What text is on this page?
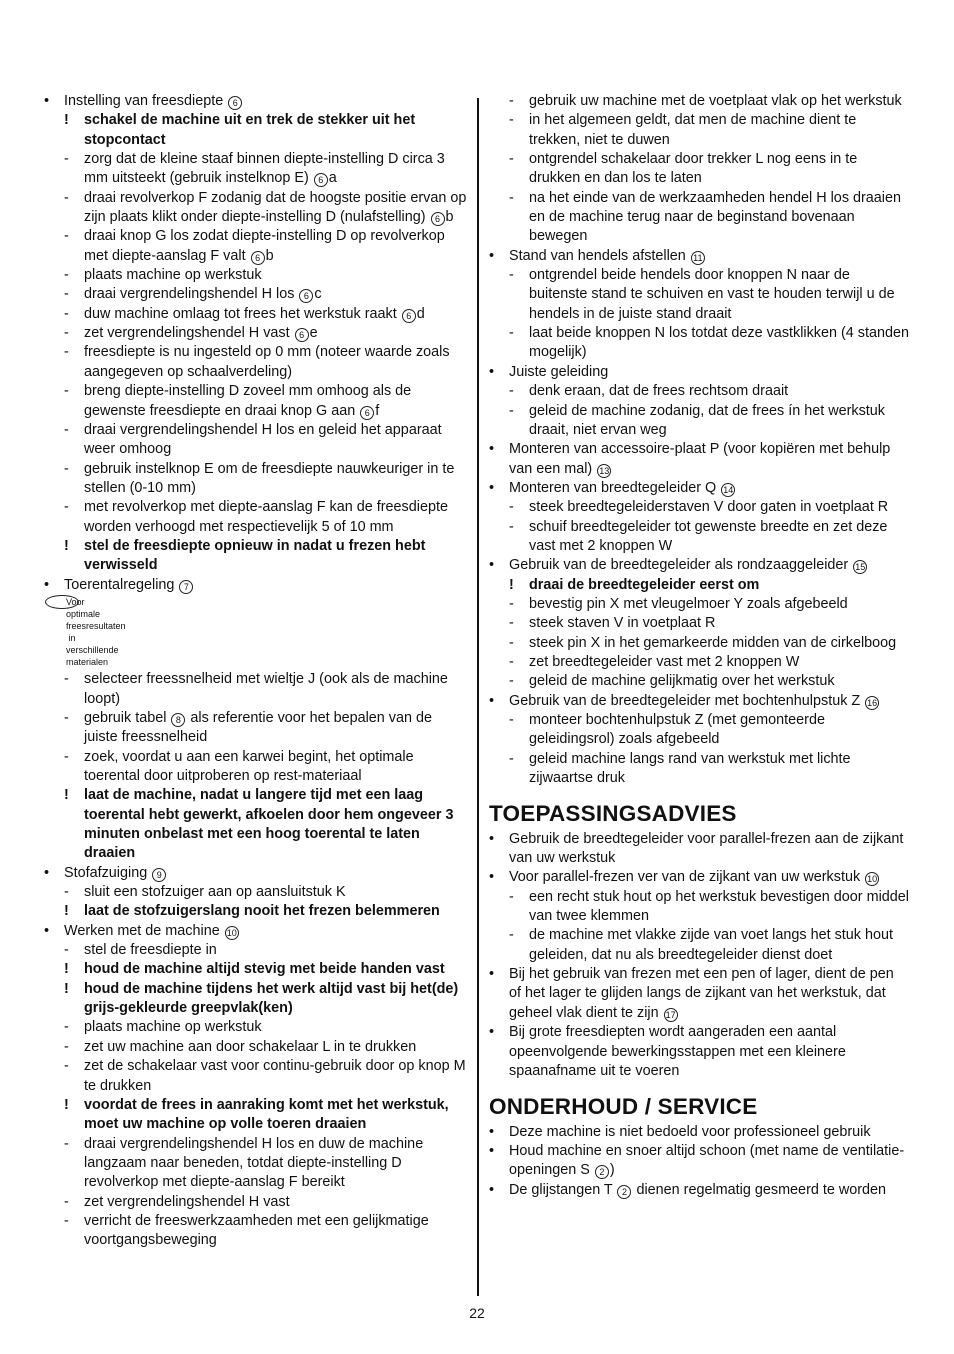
• Instelling van freesdiepte 6
! schakel de machine uit en trek de stekker uit het stopcontact
- zorg dat de kleine staaf binnen diepte-instelling D circa 3 mm uitsteekt (gebruik instelknop E) 6 a
- draai revolverkop F zodanig dat de hoogste positie ervan op zijn plaats klikt onder diepte-instelling D (nulafstelling) 6 b
- draai knop G los zodat diepte-instelling D op revolverkop met diepte-aanslag F valt 6 b
- plaats machine op werkstuk
- draai vergrendelingshendel H los 6 c
- duw machine omlaag tot frees het werkstuk raakt 6 d
- zet vergrendelingshendel H vast 6 e
- freesdiepte is nu ingesteld op 0 mm (noteer waarde zoals aangegeven op schaalverdeling)
- breng diepte-instelling D zoveel mm omhoog als de gewenste freesdiepte en draai knop G aan 6 f
- draai vergrendelingshendel H los en geleid het apparaat weer omhoog
- gebruik instelknop E om de freesdiepte nauwkeuriger in te stellen (0-10 mm)
- met revolverkop met diepte-aanslag F kan de freesdiepte worden verhoogd met respectievelijk 5 of 10 mm
! stel de freesdiepte opnieuw in nadat u frezen hebt verwisseld
• Toerentalregeling 7
Voor optimale freesresultaten in verschillende materialen
- selecteer freessnelheid met wieltje J (ook als de machine loopt)
- gebruik tabel 8 als referentie voor het bepalen van de juiste freessnelheid
- zoek, voordat u aan een karwei begint, het optimale toerental door uitproberen op rest-materiaal
! laat de machine, nadat u langere tijd met een laag toerental hebt gewerkt, afkoelen door hem ongeveer 3 minuten onbelast met een hoog toerental te laten draaien
• Stofafzuiging 9
- sluit een stofzuiger aan op aansluitstuk K
! laat de stofzuigerslang nooit het frezen belemmeren
• Werken met de machine 10
- stel de freesdiepte in
! houd de machine altijd stevig met beide handen vast
! houd de machine tijdens het werk altijd vast bij het(de) grijs-gekleurde greepvlak(ken)
- plaats machine op werkstuk
- zet uw machine aan door schakelaar L in te drukken
- zet de schakelaar vast voor continu-gebruik door op knop M te drukken
! voordat de frees in aanraking komt met het werkstuk, moet uw machine op volle toeren draaien
- draai vergrendelingshendel H los en duw de machine langzaam naar beneden, totdat diepte-instelling D revolverkop met diepte-aanslag F bereikt
- zet vergrendelingshendel H vast
- verricht de freeswerkzaamheden met een gelijkmatige voortgangsbeweging
- gebruik uw machine met de voetplaat vlak op het werkstuk
- in het algemeen geldt, dat men de machine dient te trekken, niet te duwen
- ontgrendel schakelaar door trekker L nog eens in te drukken en dan los te laten
- na het einde van de werkzaamheden hendel H los draaien en de machine terug naar de beginstand bovenaan bewegen
• Stand van hendels afstellen 11
- ontgrendel beide hendels door knoppen N naar de buitenste stand te schuiven en vast te houden terwijl u de hendels in de juiste stand draait
- laat beide knoppen N los totdat deze vastklikken (4 standen mogelijk)
• Juiste geleiding
- denk eraan, dat de frees rechtsom draait
- geleid de machine zodanig, dat de frees ín het werkstuk draait, niet ervan weg
• Monteren van accessoire-plaat P (voor kopiëren met behulp van een mal) 13
• Monteren van breedtegeleider Q 14
- steek breedtegeleiderstaven V door gaten in voetplaat R
- schuif breedtegeleider tot gewenste breedte en zet deze vast met 2 knoppen W
• Gebruik van de breedtegeleider als rondzaaggeleider 15
! draai de breedtegeleider eerst om
- bevestig pin X met vleugelmoer Y zoals afgebeeld
- steek staven V in voetplaat R
- steek pin X in het gemarkeerde midden van de cirkelboog
- zet breedtegeleider vast met 2 knoppen W
- geleid de machine gelijkmatig over het werkstuk
• Gebruik van de breedtegeleider met bochtenhulpstuk Z 16
- monteer bochtenhulpstuk Z (met gemonteerde geleidingsrol) zoals afgebeeld
- geleid machine langs rand van werkstuk met lichte zijwaartse druk
TOEPASSINGSADVIES
• Gebruik de breedtegeleider voor parallel-frezen aan de zijkant van uw werkstuk
• Voor parallel-frezen ver van de zijkant van uw werkstuk 10
- een recht stuk hout op het werkstuk bevestigen door middel van twee klemmen
- de machine met vlakke zijde van voet langs het stuk hout geleiden, dat nu als breedtegeleider dienst doet
• Bij het gebruik van frezen met een pen of lager, dient de pen of het lager te glijden langs de zijkant van het werkstuk, dat geheel vlak dient te zijn 17
• Bij grote freesdiepten wordt aangeraden een aantal opeenvolgende bewerkingsstappen met een kleinere spaanafname uit te voeren
ONDERHOUD / SERVICE
• Deze machine is niet bedoeld voor professioneel gebruik
• Houd machine en snoer altijd schoon (met name de ventilatie-openingen S 2 )
• De glijstangen T 2 dienen regelmatig gesmeerd te worden
22
